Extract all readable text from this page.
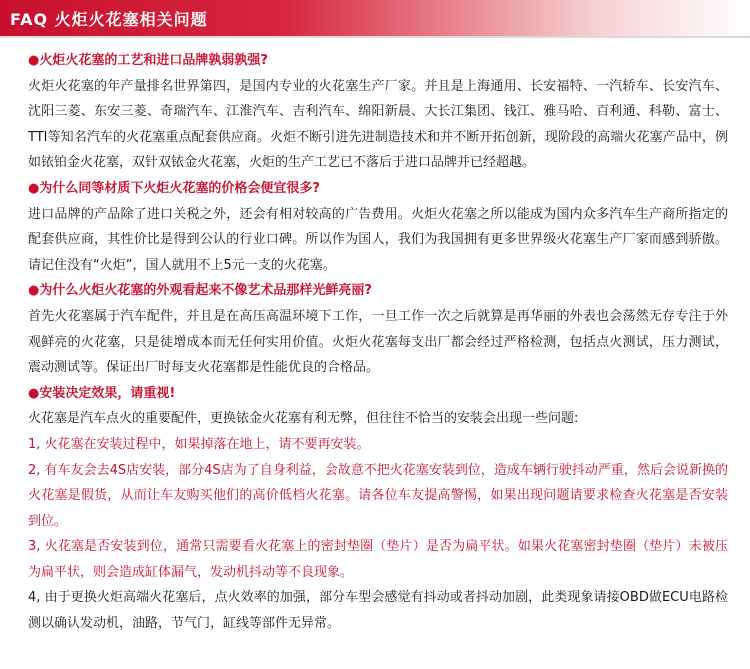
FAQ 火炬火花塞相关问题

●火炬火花塞的工艺和进口品牌孰弱孰强?

火炬火花塞的年产量排名世界第四，是国内专业的火花塞生产厂家。并且是上海通用、长安福特、一汽轿车、长安汽车、沈阳三菱、东安三菱、奇瑞汽车、江淮汽车、吉利汽车、绵阳新晨、大长江集团、钱江、雅马哈、百利通、科勒、富士、TTI等知名汽车的火花塞重点配套供应商。火炬不断引进先进制造技术和并不断开拓创新，现阶段的高端火花塞产品中，例如铱铂金火花塞，双针双铱金火花塞，火炬的生产工艺已不落后于进口品牌并已经超越。

●为什么同等材质下火炬火花塞的价格会便宜很多?

进口品牌的产品除了进口关税之外，还会有相对较高的广告费用。火炬火花塞之所以能成为国内众多汽车生产商所指定的配套供应商，其性价比是得到公认的行业口碑。所以作为国人，我们为我国拥有更多世界级火花塞生产厂家而感到骄傲。请记住没有“火炬”，国人就用不上5元一支的火花塞。

●为什么火炬火花塞的外观看起来不像艺术品那样光鲜亮丽?

首先火花塞属于汽车配件，并且是在高压高温环境下工作，一旦工作一次之后就算是再华丽的外表也会荡然无存专注于外观鲜亮的火花塞，只是徒增成本而无任何实用价值。火炬火花塞每支出厂都会经过严格检测，包括点火测试，压力测试，震动测试等。保证出厂时每支火花塞都是性能优良的合格品。

●安装决定效果，请重视!

火花塞是汽车点火的重要配件，更换铱金火花塞有利无弊，但往往不恰当的安装会出现一些问题:

1, 火花塞在安装过程中，如果掉落在地上，请不要再安装。

2, 有车友会去4S店安装，部分4S店为了自身利益，会故意不把火花塞安装到位，造成车辆行驶抖动严重，然后会说新换的火花塞是假货，从而让车友购买他们的高价低档火花塞。请各位车友提高警惕，如果出现问题请要求检查火花塞是否安装到位。

3, 火花塞是否安装到位，通常只需要看火花塞上的密封垫圈（垫片）是否为扁平状。如果火花塞密封垫圈（垫片）未被压为扁平状，则会造成缸体漏气，发动机抖动等不良现象。

4, 由于更换火炬高端火花塞后，点火效率的加强，部分车型会感觉有抖动或者抖动加剧，此类现象请接OBD做ECU电路检测以确认发动机，油路，节气门，缸线等部件无异常。
